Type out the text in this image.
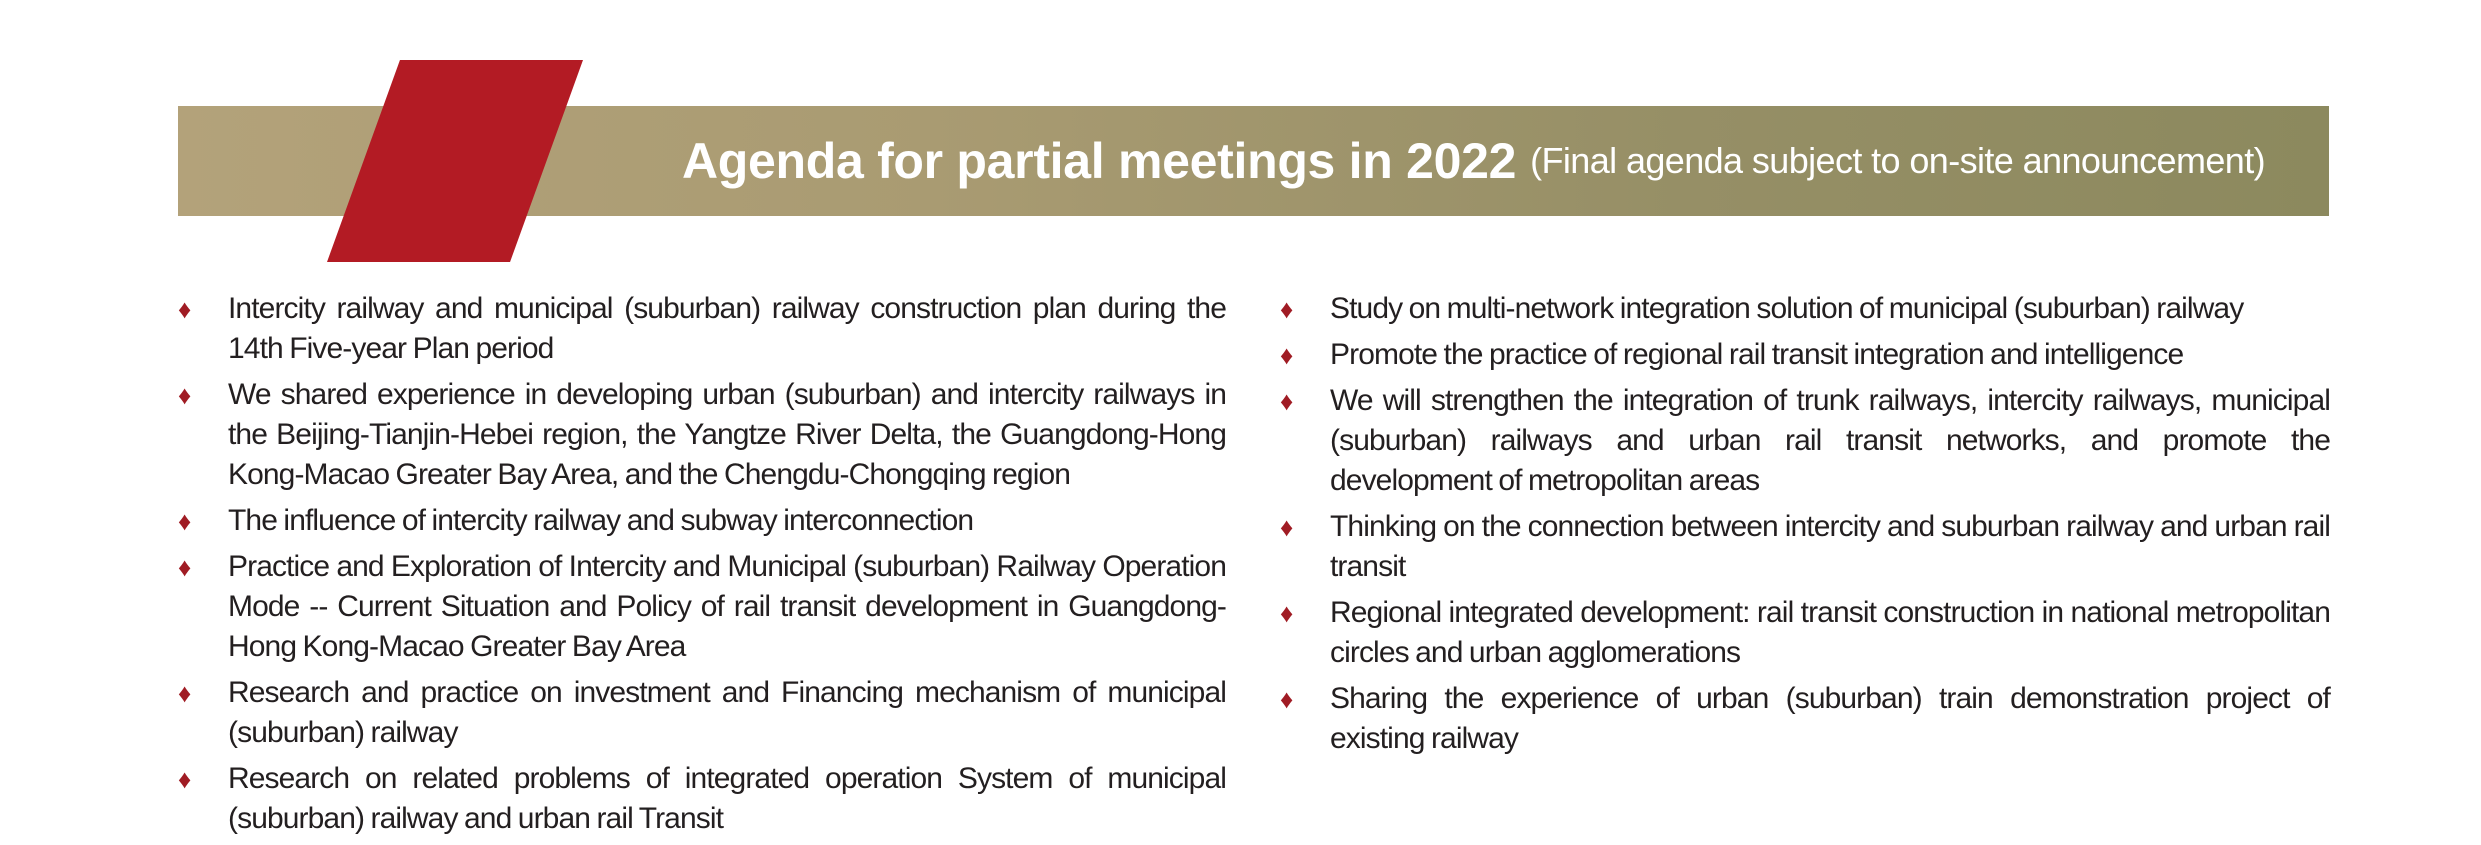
Agenda for partial meetings in 2022 (Final agenda subject to on-site announcement)
♦ Intercity railway and municipal (suburban) railway construction plan during the 14th Five-year Plan period
♦ We shared experience in developing urban (suburban) and intercity railways in the Beijing-Tianjin-Hebei region, the Yangtze River Delta, the Guangdong-Hong Kong-Macao Greater Bay Area, and the Chengdu-Chongqing region
♦ The influence of intercity railway and subway interconnection
♦ Practice and Exploration of Intercity and Municipal (suburban) Railway Operation Mode -- Current Situation and Policy of rail transit development in Guangdong-Hong Kong-Macao Greater Bay Area
♦ Research and practice on investment and Financing mechanism of municipal (suburban) railway
♦ Research on related problems of integrated operation System of municipal (suburban) railway and urban rail Transit
♦ Study on multi-network integration solution of municipal (suburban) railway
♦ Promote the practice of regional rail transit integration and intelligence
♦ We will strengthen the integration of trunk railways, intercity railways, municipal (suburban) railways and urban rail transit networks, and promote the development of metropolitan areas
♦ Thinking on the connection between intercity and suburban railway and urban rail transit
♦ Regional integrated development: rail transit construction in national metropolitan circles and urban agglomerations
♦ Sharing the experience of urban (suburban) train demonstration project of existing railway
